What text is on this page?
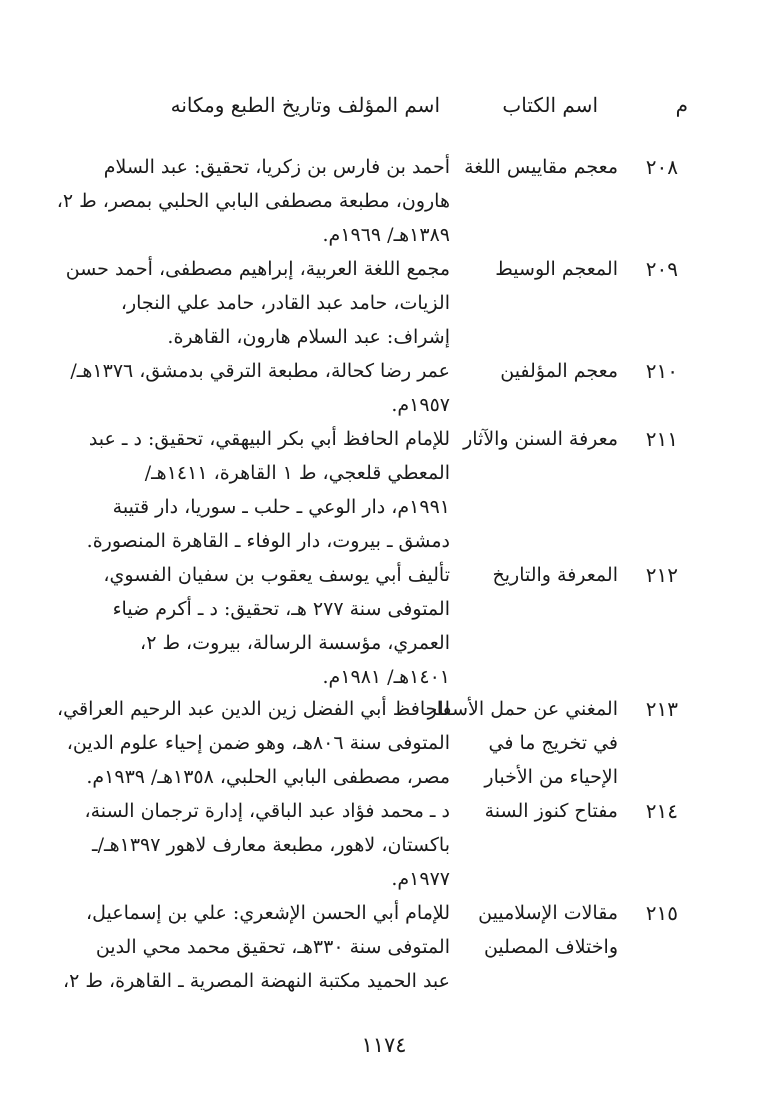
م
اسم الكتاب
اسم المؤلف وتاريخ الطبع ومكانه
٢٠٨
معجم مقاييس اللغة
أحمد بن فارس بن زكريا، تحقيق: عبد السلام
هارون، مطبعة مصطفى البابي الحلبي بمصر، ط ٢،
١٣٨٩هـ/ ١٩٦٩م.
٢٠٩
المعجم الوسيط
مجمع اللغة العربية، إبراهيم مصطفى، أحمد حسن
الزيات، حامد عبد القادر، حامد علي النجار،
إشراف: عبد السلام هارون، القاهرة.
٢١٠
معجم المؤلفين
عمر رضا كحالة، مطبعة الترقي بدمشق، ١٣٧٦هـ/
١٩٥٧م.
٢١١
معرفة السنن والآثار
للإمام الحافظ أبي بكر البيهقي، تحقيق: د ـ عبد
المعطي قلعجي، ط ١ القاهرة، ١٤١١هـ/
١٩٩١م، دار الوعي ـ حلب ـ سوريا، دار قتيبة
دمشق ـ بيروت، دار الوفاء ـ القاهرة المنصورة.
٢١٢
المعرفة والتاريخ
تأليف أبي يوسف يعقوب بن سفيان الفسوي،
المتوفى سنة ٢٧٧ هـ، تحقيق: د ـ أكرم ضياء
العمري، مؤسسة الرسالة، بيروت، ط ٢،
١٤٠١هـ/ ١٩٨١م.
٢١٣
المغني عن حمل الأسفار
في تخريج ما في
الإحياء من الأخبار
للحافظ أبي الفضل زين الدين عبد الرحيم العراقي،
المتوفى سنة ٨٠٦هـ، وهو ضمن إحياء علوم الدين،
مصر، مصطفى البابي الحلبي، ١٣٥٨هـ/ ١٩٣٩م.
٢١٤
مفتاح كنوز السنة
د ـ محمد فؤاد عبد الباقي، إدارة ترجمان السنة،
باكستان، لاهور، مطبعة معارف لاهور ١٣٩٧هـ/ـ
١٩٧٧م.
٢١٥
مقالات الإسلاميين
واختلاف المصلين
للإمام أبي الحسن الإشعري: علي بن إسماعيل،
المتوفى سنة ٣٣٠هـ، تحقيق محمد محي الدين
عبد الحميد مكتبة النهضة المصرية ـ القاهرة، ط ٢،
١١٧٤
